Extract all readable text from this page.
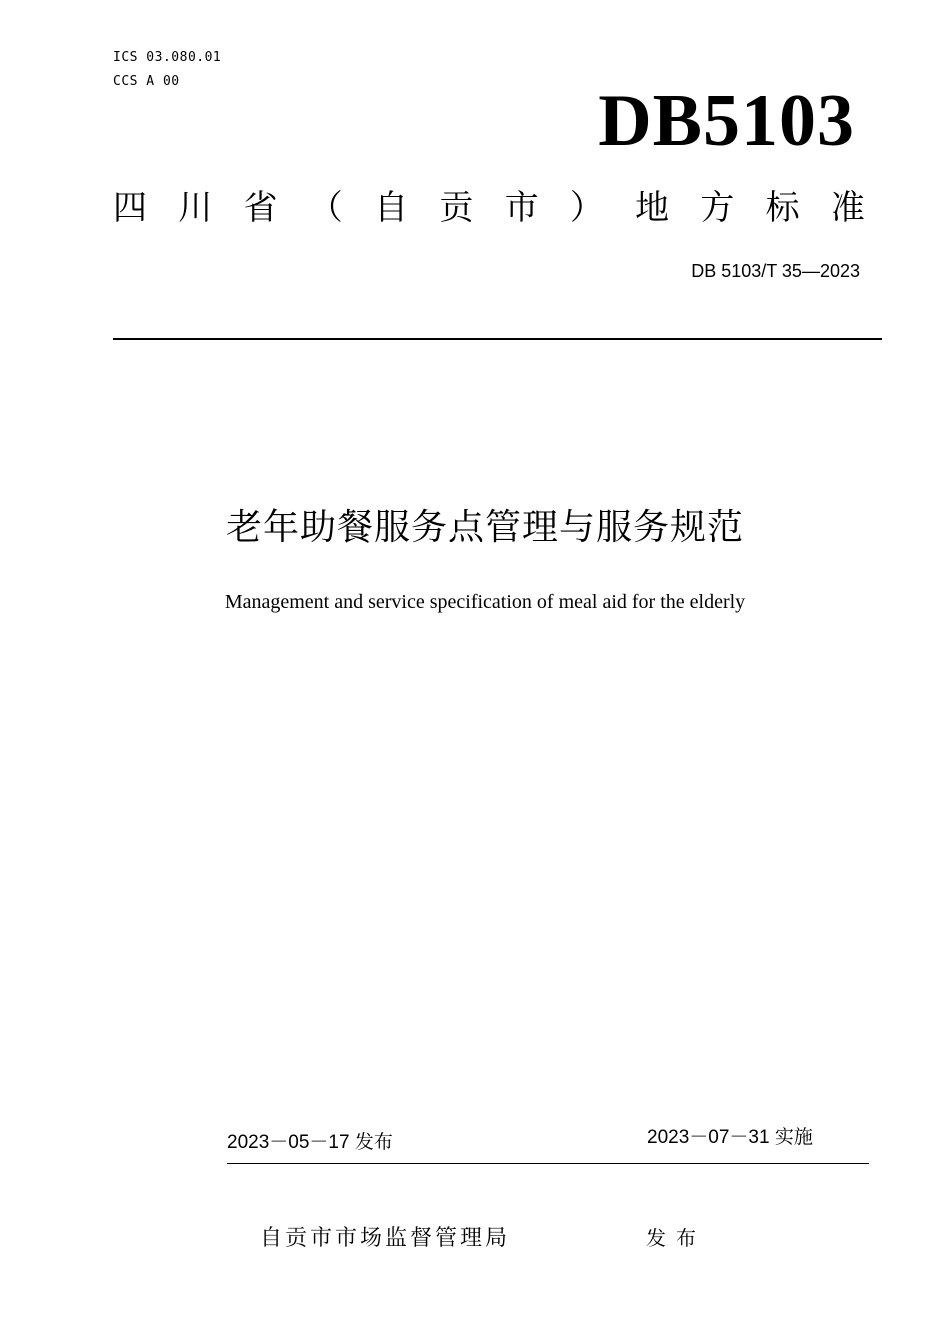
ICS 03.080.01
CCS A 00	DB5103
四 川 省 （ 自 贡 市 ） 地 方 标 准
DB 5103/T 35—2023
老年助餐服务点管理与服务规范
Management and service specification of meal aid for the elderly
2023－05－17 发布	2023－07－31 实施
自贡市市场监督管理局	发布
